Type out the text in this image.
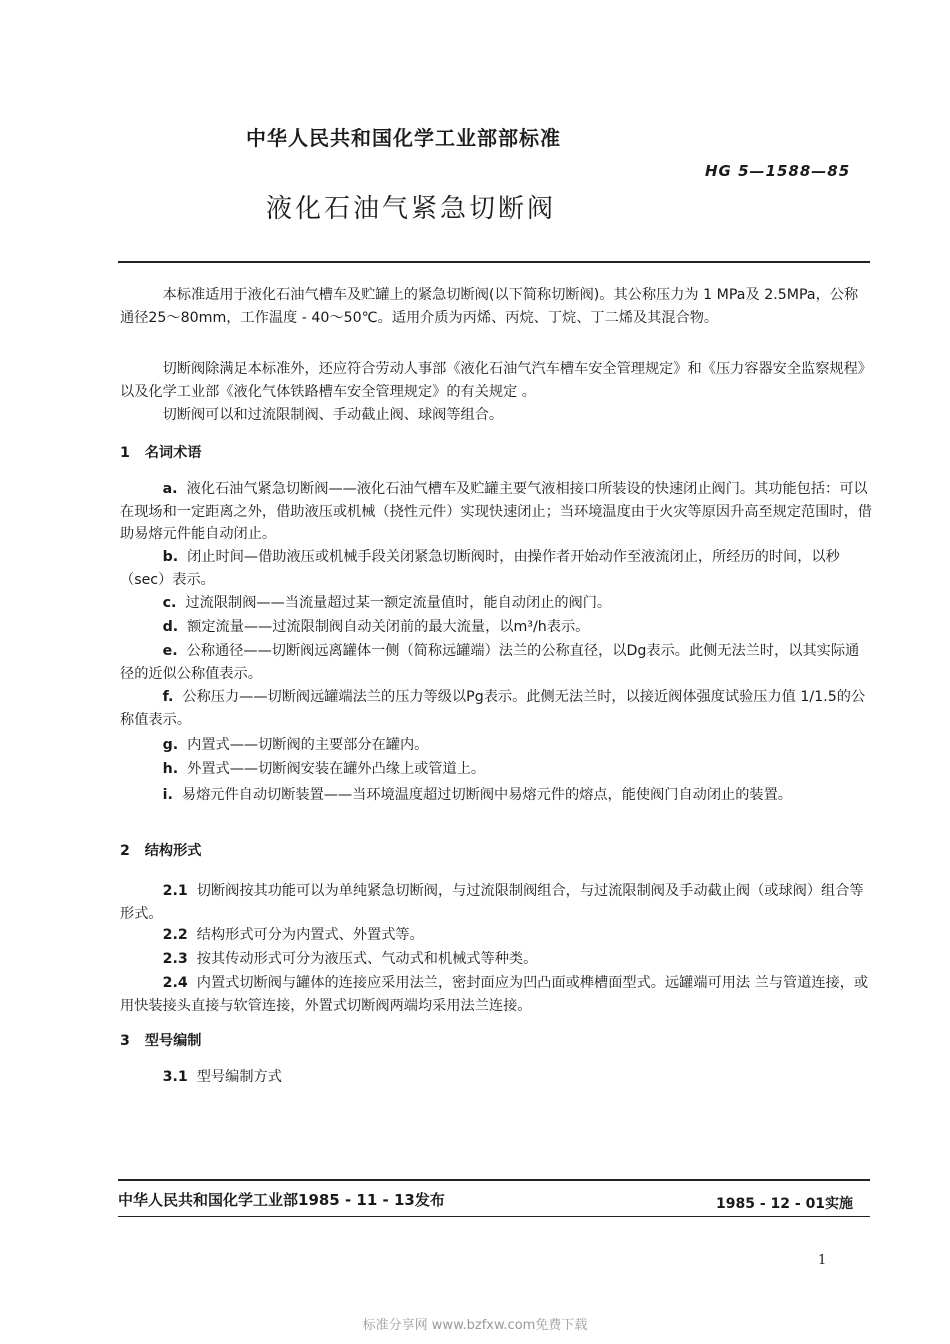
中华人民共和国化学工业部部标准
HG 5—1588—85
液化石油气紧急切断阀
本标准适用于液化石油气槽车及贮罐上的紧急切断阀(以下简称切断阀)。其公称压力为 1 MPa及 2.5MPa，公称通径25～80mm，工作温度 - 40～50℃。适用介质为丙烯、丙烷、丁烷、丁二烯及其混合物。
切断阀除满足本标准外，还应符合劳动人事部《液化石油气汽车槽车安全管理规定》和《压力容器安全监察规程》以及化学工业部《液化气体铁路槽车安全管理规定》的有关规定 。
切断阀可以和过流限制阀、手动截止阀、球阀等组合。
1 名词术语
a. 液化石油气紧急切断阀——液化石油气槽车及贮罐主要气液相接口所装设的快速闭止阀门。其功能包括：可以在现场和一定距离之外，借助液压或机械（挠性元件）实现快速闭止；当环境温度由于火灾等原因升高至规定范围时，借助易熔元件能自动闭止。
b. 闭止时间—借助液压或机械手段关闭紧急切断阀时，由操作者开始动作至液流闭止，所经历的时间，以秒（sec）表示。
c. 过流限制阀——当流量超过某一额定流量值时，能自动闭止的阀门。
d. 额定流量——过流限制阀自动关闭前的最大流量，以m³/h表示。
e. 公称通径——切断阀远离罐体一侧（简称远罐端）法兰的公称直径，以Dg表示。此侧无法兰时，以其实际通径的近似公称值表示。
f. 公称压力——切断阀远罐端法兰的压力等级以Pg表示。此侧无法兰时，以接近阀体强度试验压力值 1/1.5的公称值表示。
g. 内置式——切断阀的主要部分在罐内。
h. 外置式——切断阀安装在罐外凸缘上或管道上。
i. 易熔元件自动切断装置——当环境温度超过切断阀中易熔元件的熔点，能使阀门自动闭止的装置。
2 结构形式
2.1 切断阀按其功能可以为单纯紧急切断阀，与过流限制阀组合，与过流限制阀及手动截止阀（或球阀）组合等形式。
2.2 结构形式可分为内置式、外置式等。
2.3 按其传动形式可分为液压式、气动式和机械式等种类。
2.4 内置式切断阀与罐体的连接应采用法兰，密封面应为凹凸面或榫槽面型式。远罐端可用法 兰与管道连接，或用快装接头直接与软管连接，外置式切断阀两端均采用法兰连接。
3 型号编制
3.1 型号编制方式
中华人民共和国化学工业部1985 - 11 - 13发布	1985 - 12 - 01实施
1
标准分享网 www.bzfxw.com免费下载
